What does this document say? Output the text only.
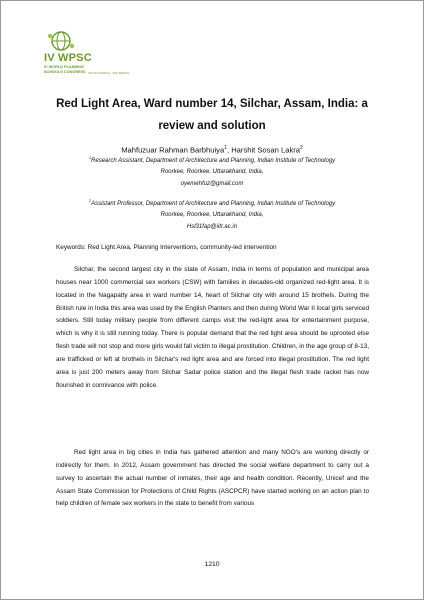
IV WPSC
IV WORLD PLANNING
SCHOOLS CONGRESS SOUTH AFRICA · RIO BRASIL
Red Light Area, Ward number 14, Silchar, Assam, India: a
review and solution
Mahfuzuar Rahman Barbhuiya$^1$, Harshit Sosan Lakra$^2$
$^1$Research Assistant, Department of Architecture and Planning, Indian Institute of Technology
Roorkee, Roorkee, Uttarakhand, India,
oyemehfuz@gmail.com
$^2$Assistant Professor, Department of Architecture and Planning, Indian Institute of Technology
Roorkee, Roorkee, Uttarakhand, India,
Hsl31fap@iitr.ac.in
Keywords: Red Light Area, Planning Interventions, community-led intervention

Silchar, the second largest city in the state of Assam, India in terms of population and municipal area houses near 1000 commercial sex workers (CSW) with families in decades-old organized red-light area. It is located in the Nagapatty area in ward number 14, heart of Silchar city with around 15 brothels. During the British rule in India this area was used by the English Planters and then during World War II local girls serviced soldiers. Still today military people from different camps visit the red-light area for entertainment purpose, which is why it is still running today. There is popular demand that the red light area should be uprooted else flesh trade will not stop and more girls would fall victim to illegal prostitution. Children, in the age group of 8-13, are trafficked or left at brothels in Silchar's red light area and are forced into illegal prostitution. The red light area is just 200 meters away from Silchar Sadar police station and the illegal flesh trade racket has now flourished in connivance with police.

Red light area in big cities in India has gathered attention and many NGO's are working directly or indirectly for them. In 2012, Assam government has directed the social welfare department to carry out a survey to ascertain the actual number of inmates, their age and health condition. Recently, Unicef and the Assam State Commission for Protections of Child Rights (ASCPCR) have started working on an action plan to help children of female sex workers in the state to benefit from various

1210
